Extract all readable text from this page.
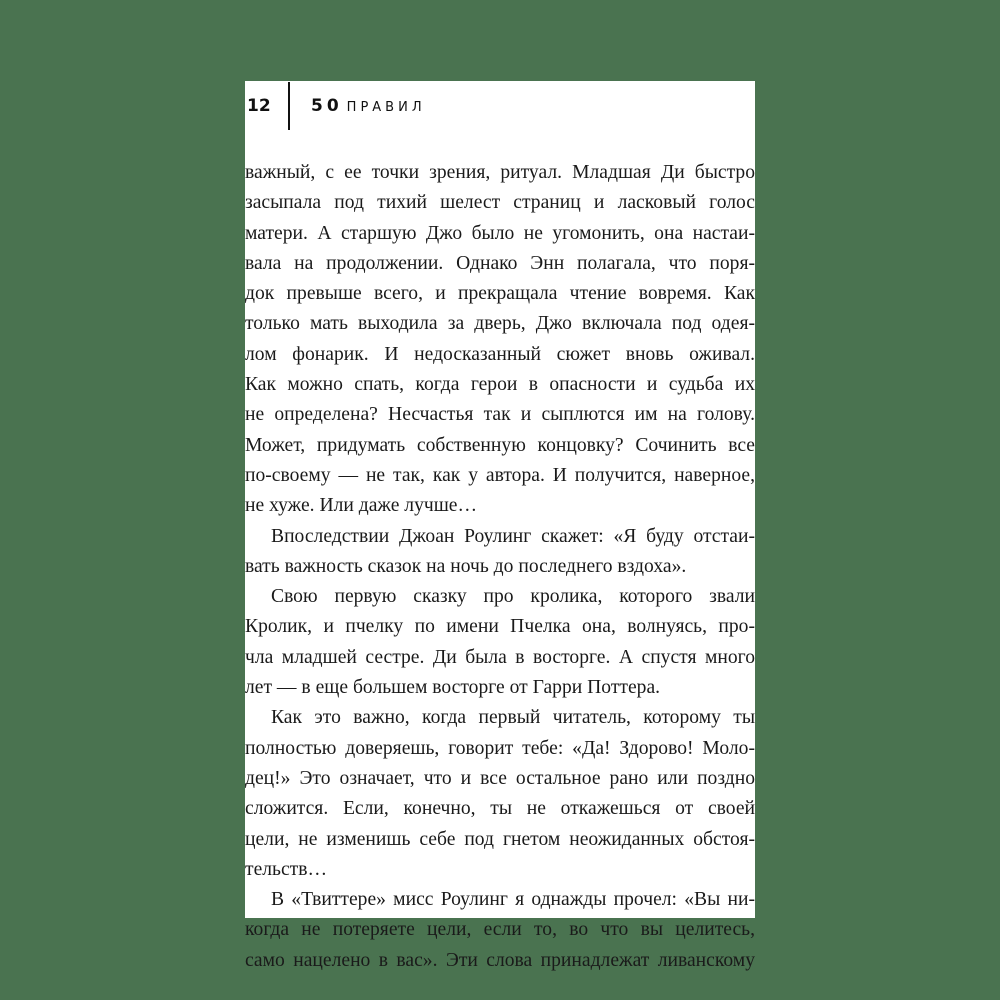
12 50 ПРАВИЛ
важный, с ее точки зрения, ритуал. Младшая Ди быстро
засыпала под тихий шелест страниц и ласковый голос
матери. А старшую Джо было не угомонить, она настаи-
вала на продолжении. Однако Энн полагала, что поря-
док превыше всего, и прекращала чтение вовремя. Как
только мать выходила за дверь, Джо включала под одея-
лом фонарик. И недосказанный сюжет вновь оживал.
Как можно спать, когда герои в опасности и судьба их
не определена? Несчастья так и сыплются им на голову.
Может, придумать собственную концовку? Сочинить все
по-своему — не так, как у автора. И получится, наверное,
не хуже. Или даже лучше…
Впоследствии Джоан Роулинг скажет: «Я буду отстаи-
вать важность сказок на ночь до последнего вздоха».
Свою первую сказку про кролика, которого звали
Кролик, и пчелку по имени Пчелка она, волнуясь, про-
чла младшей сестре. Ди была в восторге. А спустя много
лет — в еще большем восторге от Гарри Поттера.
Как это важно, когда первый читатель, которому ты
полностью доверяешь, говорит тебе: «Да! Здорово! Моло-
дец!» Это означает, что и все остальное рано или поздно
сложится. Если, конечно, ты не откажешься от своей
цели, не изменишь себе под гнетом неожиданных обстоя-
тельств…
В «Твиттере» мисс Роулинг я однажды прочел: «Вы ни-
когда не потеряете цели, если то, во что вы целитесь,
само нацелено в вас». Эти слова принадлежат ливанскому
